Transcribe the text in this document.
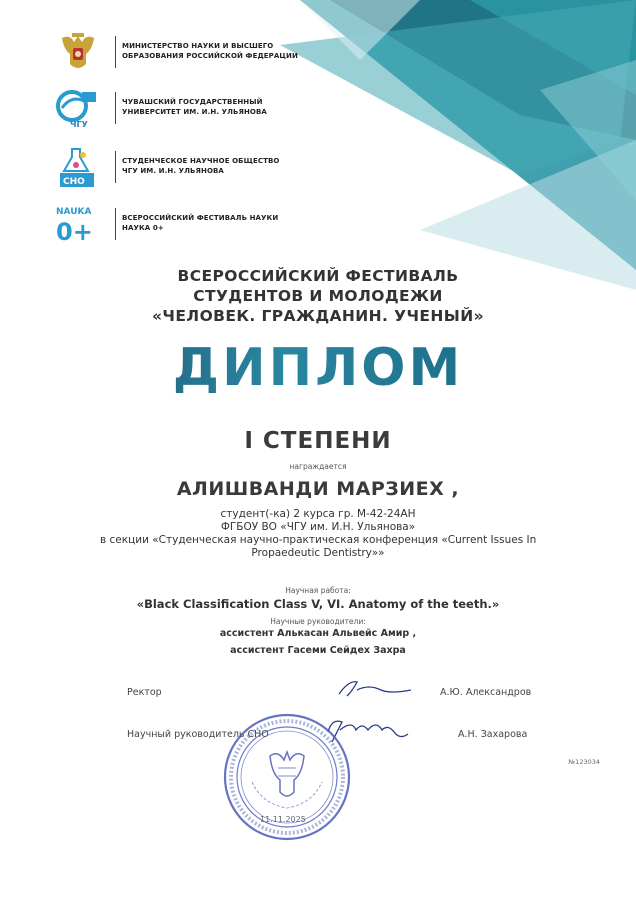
МИНИСТЕРСТВО НАУКИ И ВЫСШЕГО
ОБРАЗОВАНИЯ РОССИЙСКОЙ ФЕДЕРАЦИИ
ЧГУ
ЧУВАШСКИЙ ГОСУДАРСТВЕННЫЙ
УНИВЕРСИТЕТ ИМ. И.Н. УЛЬЯНОВА
СНО
СТУДЕНЧЕСКОЕ НАУЧНОЕ ОБЩЕСТВО
ЧГУ ИМ. И.Н. УЛЬЯНОВА
NAUKA
0+	ВСЕРОССИЙСКИЙ ФЕСТИВАЛЬ НАУКИ
НАУКА 0+
ВСЕРОССИЙСКИЙ ФЕСТИВАЛЬ
СТУДЕНТОВ И МОЛОДЕЖИ
«ЧЕЛОВЕК. ГРАЖДАНИН. УЧЕНЫЙ»
ДИПЛОМ
I СТЕПЕНИ
награждается
АЛИШВАНДИ МАРЗИЕХ ,
студент(-ка) 2 курса гр. М-42-24АН
ФГБОУ ВО «ЧГУ им. И.Н. Ульянова»
в секции «Студенческая научно-практическая конференция «Current Issues In
Propaedeutic Dentistry»»
Научная работа:
«Black Classification Class V, VI. Anatomy of the teeth.»
Научные руководители:
ассистент Алькасан Альвейс Амир ,
ассистент Гасеми Сейдех Захра
Ректор	А.Ю. Александров
Научный руководитель СНО	А.Н. Захарова
11.11.2025
№123034
